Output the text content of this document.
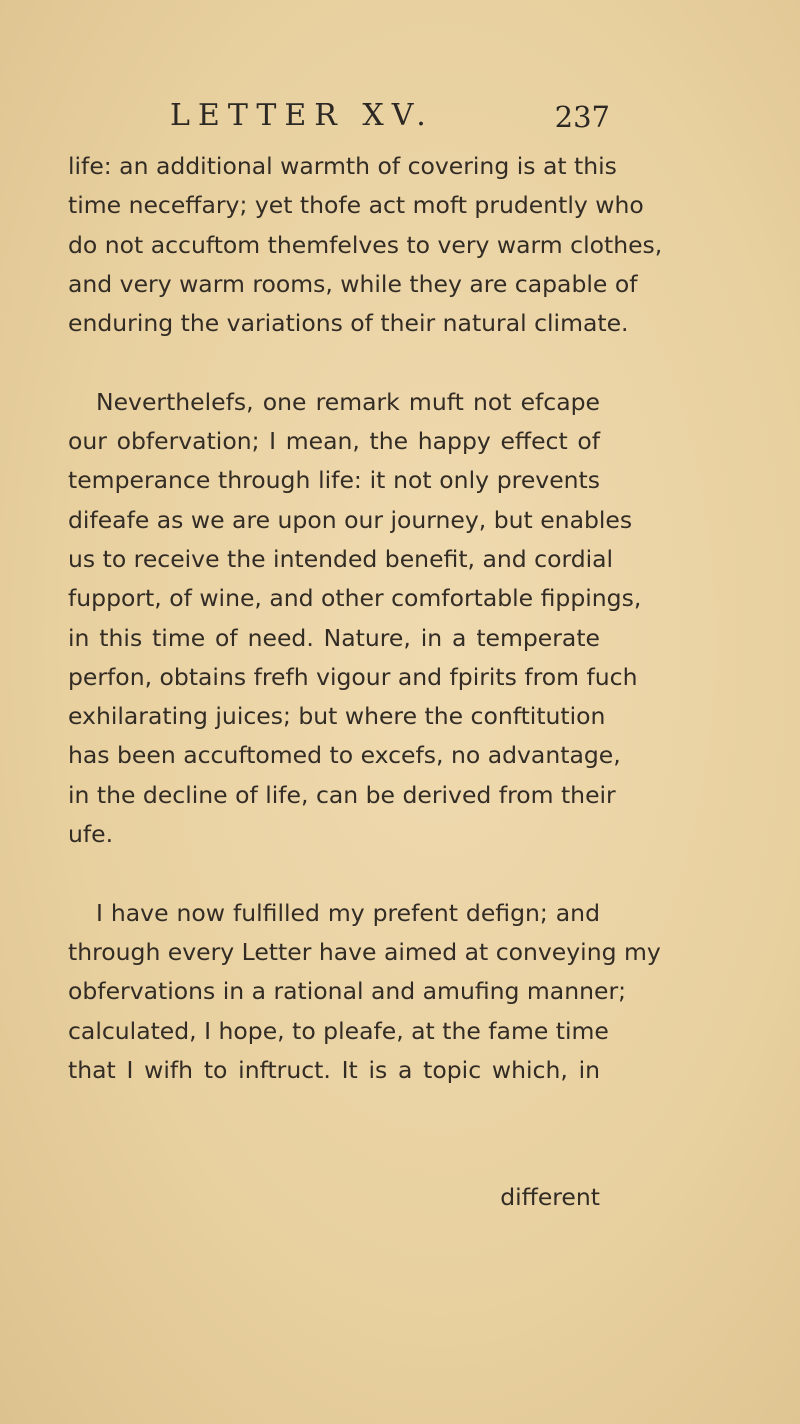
LETTER XV.	237
life: an additional warmth of covering is at this
time neceffary; yet thofe act moft prudently who
do not accuftom themfelves to very warm clothes,
and very warm rooms, while they are capable of
enduring the variations of their natural climate.
Neverthelefs, one remark muft not efcape
our obfervation; I mean, the happy effect of
temperance through life: it not only prevents
difeafe as we are upon our journey, but enables
us to receive the intended benefit, and cordial
fupport, of wine, and other comfortable fippings,
in this time of need. Nature, in a temperate
perfon, obtains frefh vigour and fpirits from fuch
exhilarating juices; but where the conftitution
has been accuftomed to excefs, no advantage,
in the decline of life, can be derived from their
ufe.
I have now fulfilled my prefent defign; and
through every Letter have aimed at conveying my
obfervations in a rational and amufing manner;
calculated, I hope, to pleafe, at the fame time
that I wifh to inftruct. It is a topic which, in
different
